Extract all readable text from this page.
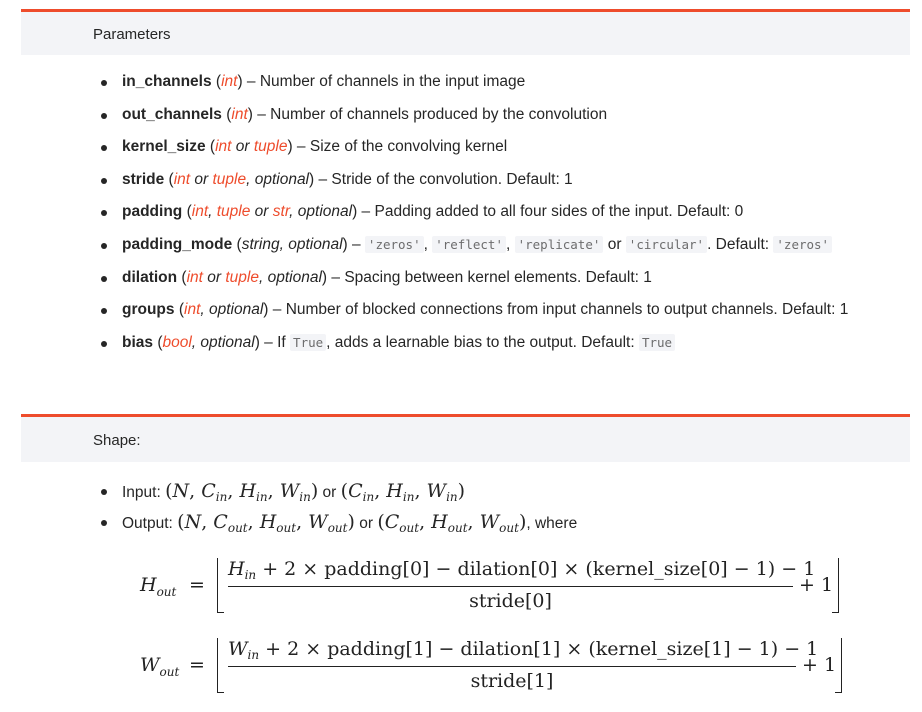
Parameters
in_channels (int) – Number of channels in the input image
out_channels (int) – Number of channels produced by the convolution
kernel_size (int or tuple) – Size of the convolving kernel
stride (int or tuple, optional) – Stride of the convolution. Default: 1
padding (int, tuple or str, optional) – Padding added to all four sides of the input. Default: 0
padding_mode (string, optional) – 'zeros' , 'reflect' , 'replicate' or 'circular' . Default: 'zeros'
dilation (int or tuple, optional) – Spacing between kernel elements. Default: 1
groups (int, optional) – Number of blocked connections from input channels to output channels. Default: 1
bias (bool, optional) – If True , adds a learnable bias to the output. Default: True
Shape:
Input: (N, $C_{in}$, $H_{in}$, $W_{in}$) or ($C_{in}$, $H_{in}$, $W_{in}$)
Output: (N, $C_{out}$, $H_{out}$, $W_{out}$) or ($C_{out}$, $H_{out}$, $W_{out}$), where
$H_{out}$ =
$H_{in} + 2$ × padding[0] − dilation[0] × (kernel_size[0] − 1) − 1
stride[0]
+ 1
$W_{out}$ =
$W_{in} + 2$ × padding[1] − dilation[1] × (kernel_size[1] − 1) − 1
stride[1]
+ 1
